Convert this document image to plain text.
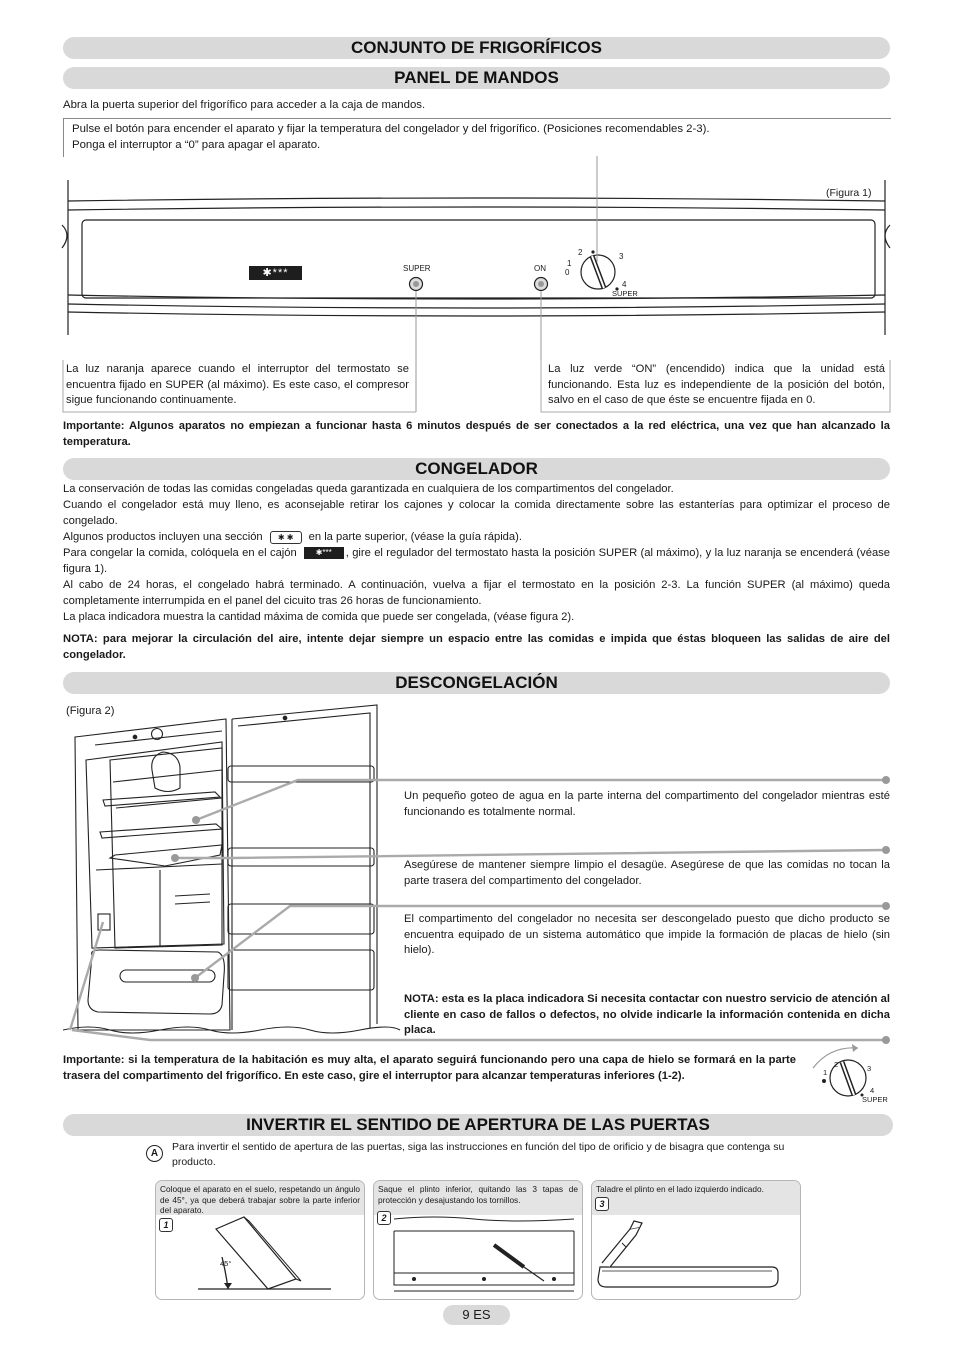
CONJUNTO DE FRIGORÍFICOS
PANEL DE MANDOS
Abra la puerta superior del frigorífico para acceder a la caja de mandos.

Pulse el botón para encender el aparato y fijar la temperatura del congelador y del frigorífico. (Posiciones recomendables 2-3).

Ponga el interruptor a “0” para apagar el aparato.

(Figura 1)
✱***	SUPER	ON 0
1
2	3
4
SUPER
La luz naranja aparece cuando el interruptor del termostato se encuentra fijado en SUPER (al máximo). Es este caso, el compresor sigue funcionando continuamente.
La luz verde “ON” (encendido) indica que la unidad está funcionando. Esta luz es independiente de la posición del botón, salvo en el caso de que éste se encuentre fijada en 0.
Importante: Algunos aparatos no empiezan a funcionar hasta 6 minutos después de ser conectados a la red eléctrica, una vez que han alcanzado la temperatura.
CONGELADOR

La conservación de todas las comidas congeladas queda garantizada en cualquiera de los compartimentos del congelador.

Cuando el congelador está muy lleno, es aconsejable retirar los cajones y colocar la comida directamente sobre las estanterías para optimizar el proceso de congelado.

Algunos productos incluyen una sección ✱ ✱ en la parte superior, (véase la guía rápida).

Para congelar la comida, colóquela en el cajón ✱*** , gire el regulador del termostato hasta la posición SUPER (al máximo), y la luz naranja se encenderá (véase figura 1).

Al cabo de 24 horas, el congelado habrá terminado. A continuación, vuelva a fijar el termostato en la posición 2-3. La función SUPER (al máximo) queda completamente interrumpida en el panel del cicuito tras 26 horas de funcionamiento.

La placa indicadora muestra la cantidad máxima de comida que puede ser congelada, (véase figura 2).

NOTA: para mejorar la circulación del aire, intente dejar siempre un espacio entre las comidas e impida que éstas bloqueen las salidas de aire del congelador.

DESCONGELACIÓN
(Figura 2)
Un pequeño goteo de agua en la parte interna del compartimento del congelador mientras esté funcionando es totalmente normal.
Asegúrese de mantener siempre limpio el desagüe. Asegúrese de que las comidas no tocan la parte trasera del compartimento del congelador.
El compartimento del congelador no necesita ser descongelado puesto que dicho producto se encuentra equipado de un sistema automático que impide la formación de placas de hielo (sin hielo).
NOTA: esta es la placa indicadora Si necesita contactar con nuestro servicio de atención al cliente en caso de fallos o defectos, no olvide indicarle la información contenida en dicha placa.
Importante: si la temperatura de la habitación es muy alta, el aparato seguirá funcionando pero una capa de hielo se formará en la parte trasera del compartimento del frigorífico. En este caso, gire el interruptor para alcanzar temperaturas inferiores (1-2).	1
2	3
4
SUPER
INVERTIR EL SENTIDO DE APERTURA DE LAS PUERTAS
A
Para invertir el sentido de apertura de las puertas, siga las instrucciones en función del tipo de orificio y de bisagra que contenga su producto.
Coloque el aparato en el suelo, respetando un ángulo de 45°, ya que deberá trabajar sobre la parte inferior del aparato.
1
45°
Saque el plinto inferior, quitando las 3 tapas de protección y desajustando los tornillos.
2
Taladre el plinto en el lado izquierdo indicado.
3
9 ES
